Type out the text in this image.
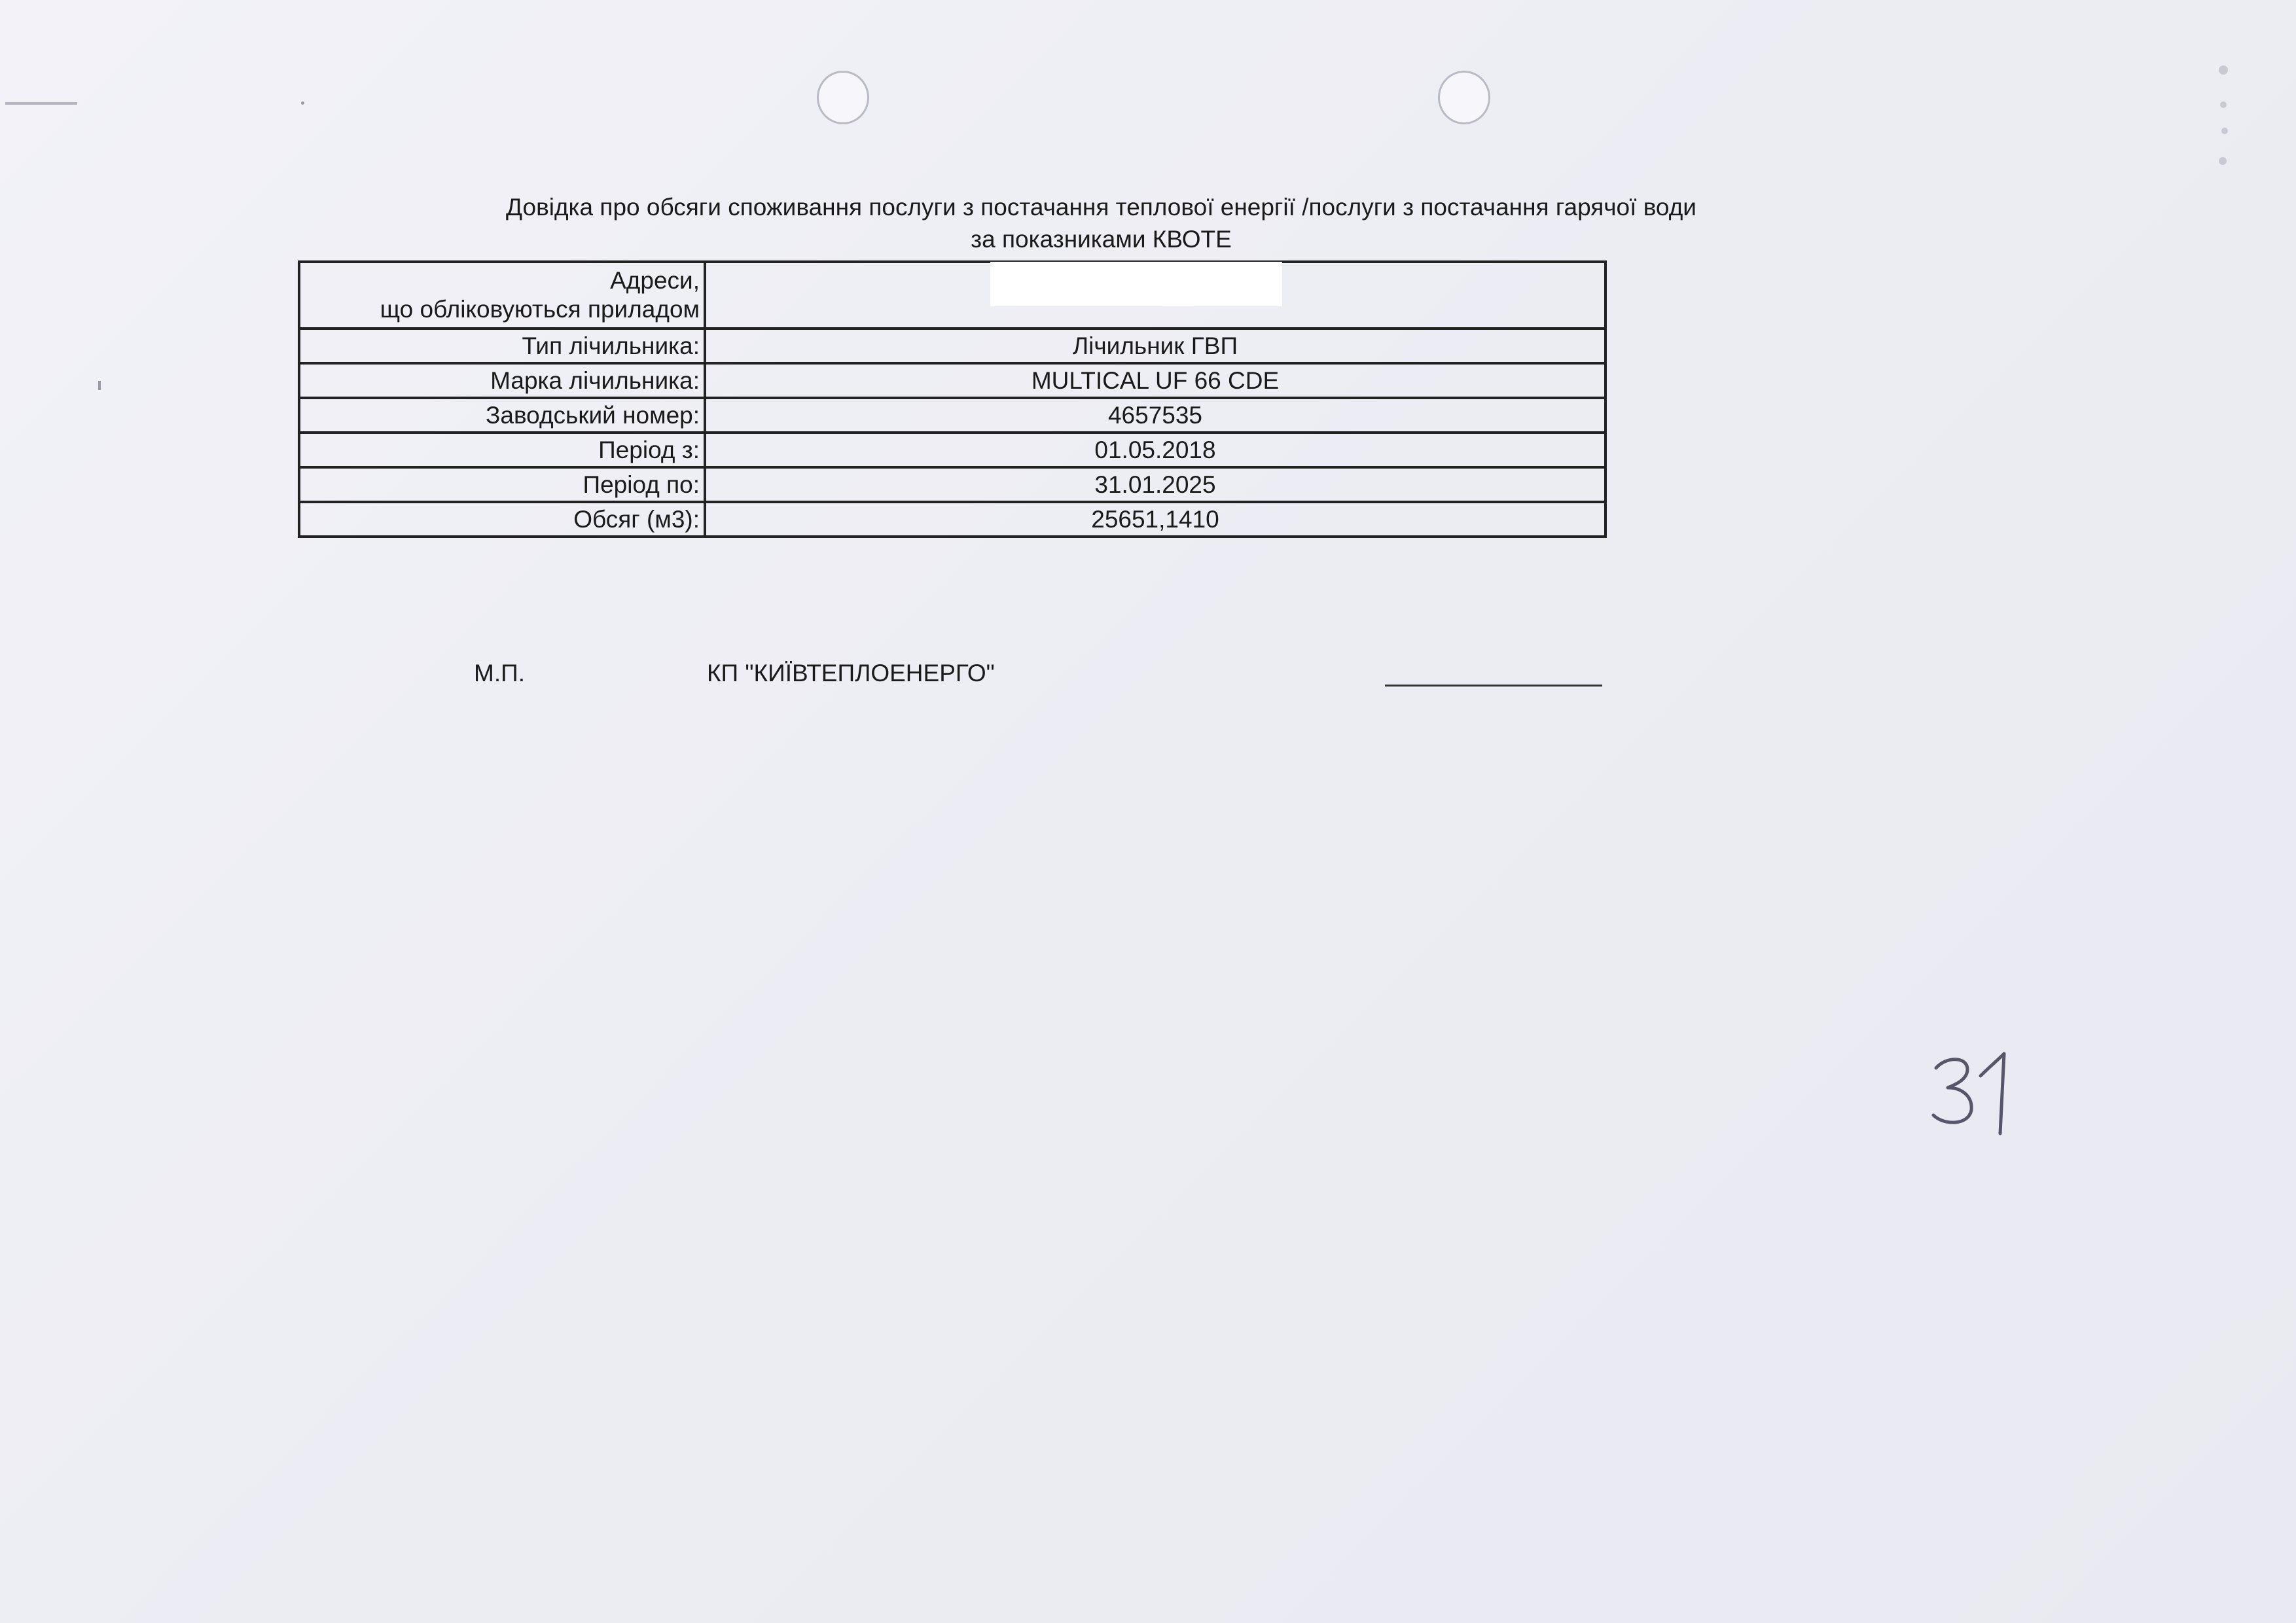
Довідка про обсяги споживання послуги з постачання теплової енергії /послуги з постачання гарячої води
за показниками КВОТЕ
Адреси,
що обліковуються приладом	

Тип лічильника:	Лічильник ГВП
Марка лічильника:	MULTICAL UF 66 CDE
Заводський номер:	4657535
Період з:	01.05.2018
Період по:	31.01.2025
Обсяг (м3):	25651,1410
М.П.	КП "КИЇВТЕПЛОЕНЕРГО"
